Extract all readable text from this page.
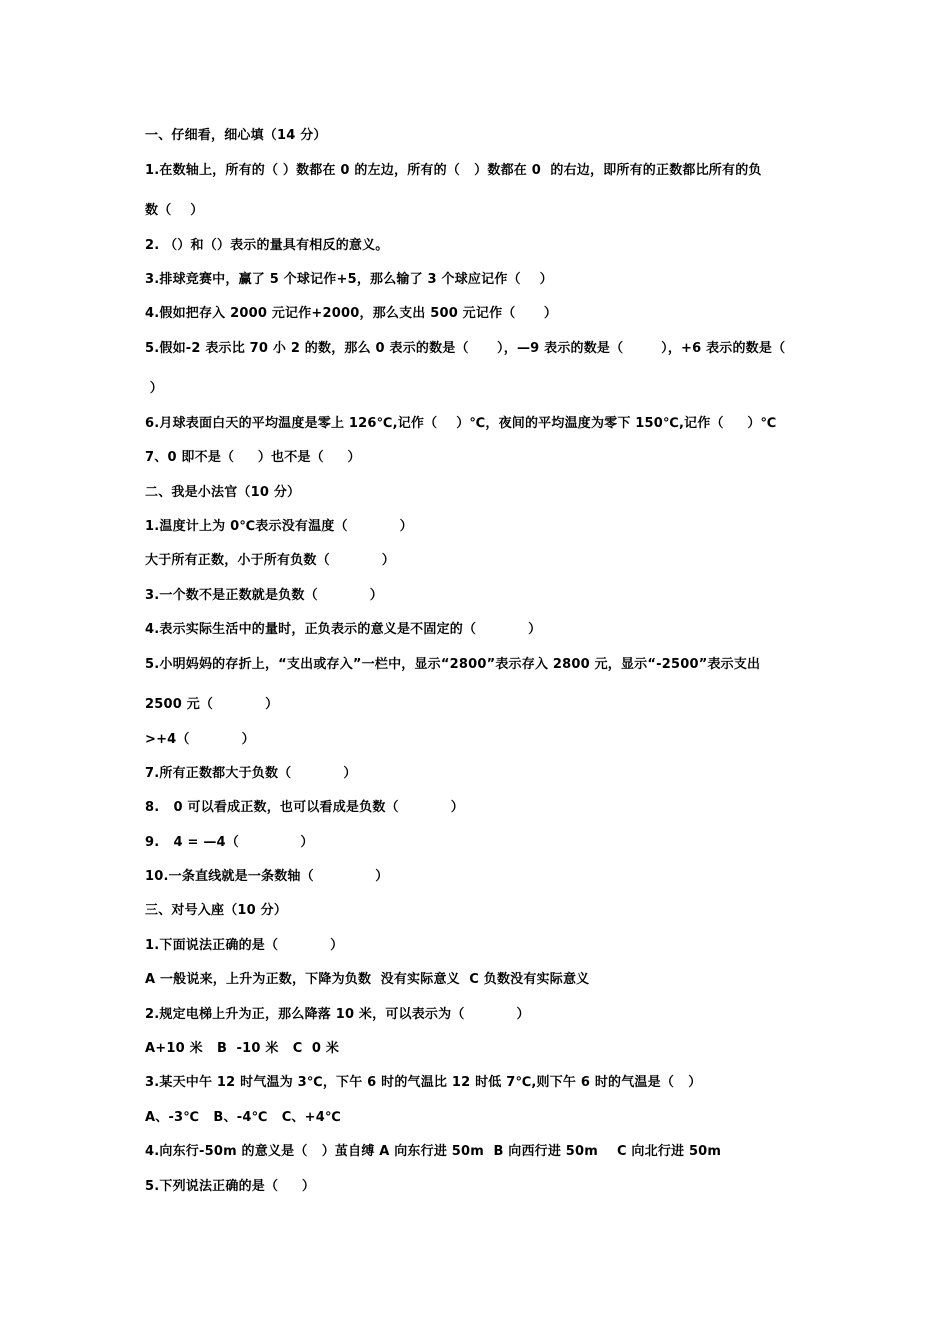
一、仔细看，细心填（14 分）
1.在数轴上，所有的（ ）数都在 0 的左边，所有的（   ）数都在 0  的右边，即所有的正数都比所有的负
数（    ）
2. （）和（）表示的量具有相反的意义。
3.排球竞赛中，赢了 5 个球记作+5，那么输了 3 个球应记作（    ）
4.假如把存入 2000 元记作+2000，那么支出 500 元记作（      ）
5.假如-2 表示比 70 小 2 的数，那么 0 表示的数是（      ），—9 表示的数是（        ），+6 表示的数是（
）
6.月球表面白天的平均温度是零上 126℃,记作（    ）℃，夜间的平均温度为零下 150℃,记作（     ）℃
7、0 即不是（     ）也不是（     ）
二、我是小法官（10 分）
1.温度计上为 0℃表示没有温度（           ）
大于所有正数，小于所有负数（           ）
3.一个数不是正数就是负数（           ）
4.表示实际生活中的量时，正负表示的意义是不固定的（           ）
5.小明妈妈的存折上，“支出或存入”一栏中，显示“2800”表示存入 2800 元，显示“-2500”表示支出
2500 元（           ）
>+4（           ）
7.所有正数都大于负数（           ）
8.   0 可以看成正数，也可以看成是负数（           ）
9.   4 = —4（             ）
10.一条直线就是一条数轴（             ）
三、对号入座（10 分）
1.下面说法正确的是（           ）
A 一般说来，上升为正数，下降为负数  没有实际意义  C 负数没有实际意义
2.规定电梯上升为正，那么降落 10 米，可以表示为（           ）
A+10 米   B  -10 米   C  0 米
3.某天中午 12 时气温为 3℃，下午 6 时的气温比 12 时低 7℃,则下午 6 时的气温是（   ）
A、-3℃   B、-4℃   C、+4℃
4.向东行-50m 的意义是（   ）茧自缚 A 向东行进 50m  B 向西行进 50m    C 向北行进 50m
5.下列说法正确的是（     ）
